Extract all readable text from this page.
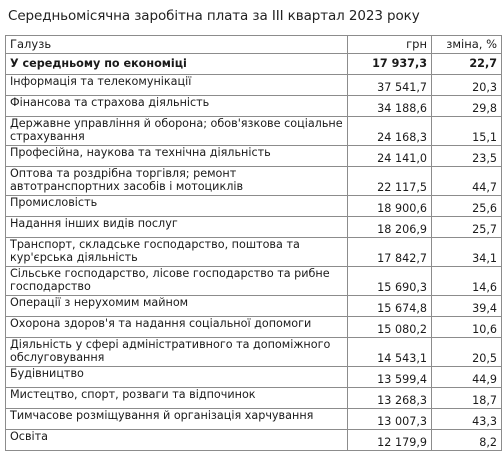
Середньомісячна заробітна плата за ІІІ квартал 2023 року
Галузь	грн	зміна, %
У середньому по економіці	17 937,3	22,7
Інформація та телекомунікації	37 541,7	20,3
Фінансова та страхова діяльність	34 188,6	29,8
Державне управління й оборона; обов'язкове соціальне страхування	24 168,3	15,1
Професійна, наукова та технічна діяльність	24 141,0	23,5
Оптова та роздрібна торгівля; ремонт автотранспортних засобів і мотоциклів	22 117,5	44,7
Промисловість	18 900,6	25,6
Надання інших видів послуг	18 206,9	25,7
Транспорт, складське господарство, поштова та кур'єрська діяльність	17 842,7	34,1
Сільське господарство, лісове господарство та рибне господарство	15 690,3	14,6
Операції з нерухомим майном	15 674,8	39,4
Охорона здоров'я та надання соціальної допомоги	15 080,2	10,6
Діяльність у сфері адміністративного та допоміжного обслуговування	14 543,1	20,5
Будівництво	13 599,4	44,9
Мистецтво, спорт, розваги та відпочинок	13 268,3	18,7
Тимчасове розміщування й організація харчування	13 007,3	43,3
Освіта	12 179,9	8,2
